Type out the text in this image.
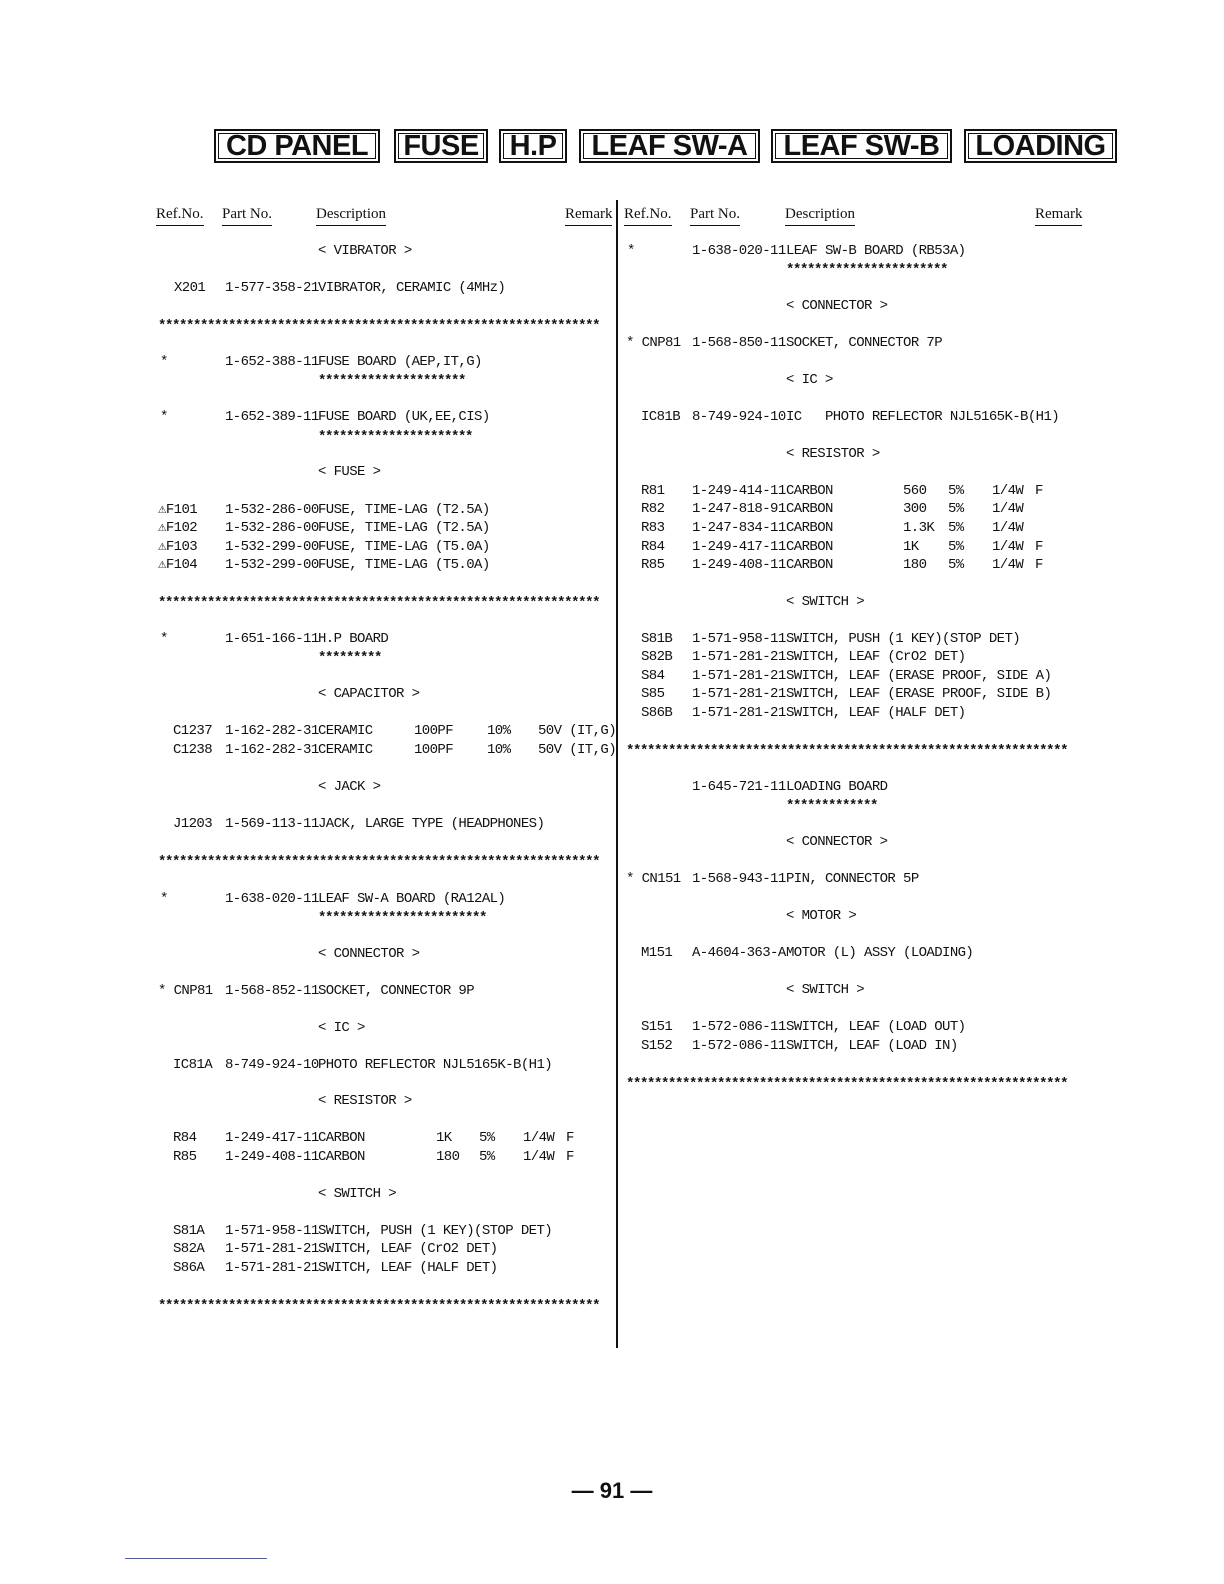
CD PANEL	FUSE	H.P	LEAF SW-A	LEAF SW-B	LOADING
Ref.No. Part No.	Description	Remark Ref.No. Part No.	Description	Remark
< VIBRATOR >
X201 1-577-358-21 VIBRATOR, CERAMIC (4MHz)
***************************************************************
*	1-652-388-11 FUSE BOARD (AEP,IT,G)
*********************
*	1-652-389-11 FUSE BOARD (UK,EE,CIS)
**********************
< FUSE >
⚠F101 1-532-286-00 FUSE, TIME-LAG (T2.5A)
⚠F102 1-532-286-00 FUSE, TIME-LAG (T2.5A)
⚠F103 1-532-299-00 FUSE, TIME-LAG (T5.0A)
⚠F104 1-532-299-00 FUSE, TIME-LAG (T5.0A)
***************************************************************
*	1-651-166-11 H.P BOARD
*********
< CAPACITOR >
C1237 1-162-282-31 CERAMIC	100PF 10% 50V (IT,G)
C1238 1-162-282-31 CERAMIC	100PF 10% 50V (IT,G)
< JACK >
J1203 1-569-113-11 JACK, LARGE TYPE (HEADPHONES)
***************************************************************
*	1-638-020-11 LEAF SW-A BOARD (RA12AL)
************************
< CONNECTOR >
* CNP81 1-568-852-11 SOCKET, CONNECTOR 9P
< IC >
IC81A 8-749-924-10 PHOTO REFLECTOR NJL5165K-B(H1)
< RESISTOR >
R84 1-249-417-11 CARBON	1K 5% 1/4W F
R85 1-249-408-11 CARBON	180 5% 1/4W F
< SWITCH >
S81A 1-571-958-11 SWITCH, PUSH (1 KEY)(STOP DET)
S82A 1-571-281-21 SWITCH, LEAF (CrO2 DET)
S86A 1-571-281-21 SWITCH, LEAF (HALF DET)
***************************************************************
*	1-638-020-11 LEAF SW-B BOARD (RB53A)
***********************
< CONNECTOR >
* CNP81 1-568-850-11 SOCKET, CONNECTOR 7P
< IC >
IC81B 8-749-924-10 IC   PHOTO REFLECTOR NJL5165K-B(H1)
< RESISTOR >
R81 1-249-414-11 CARBON	560 5% 1/4W F
R82 1-247-818-91 CARBON	300 5% 1/4W
R83 1-247-834-11 CARBON	1.3K 5% 1/4W
R84 1-249-417-11 CARBON	1K 5% 1/4W F
R85 1-249-408-11 CARBON	180 5% 1/4W F
< SWITCH >
S81B 1-571-958-11 SWITCH, PUSH (1 KEY)(STOP DET)
S82B 1-571-281-21 SWITCH, LEAF (CrO2 DET)
S84 1-571-281-21 SWITCH, LEAF (ERASE PROOF, SIDE A)
S85 1-571-281-21 SWITCH, LEAF (ERASE PROOF, SIDE B)
S86B 1-571-281-21 SWITCH, LEAF (HALF DET)
***************************************************************
1-645-721-11 LOADING BOARD
*************
< CONNECTOR >
* CN151 1-568-943-11 PIN, CONNECTOR 5P
< MOTOR >
M151 A-4604-363-A MOTOR (L) ASSY (LOADING)
< SWITCH >
S151 1-572-086-11 SWITCH, LEAF (LOAD OUT)
S152 1-572-086-11 SWITCH, LEAF (LOAD IN)
***************************************************************
— 91 —
